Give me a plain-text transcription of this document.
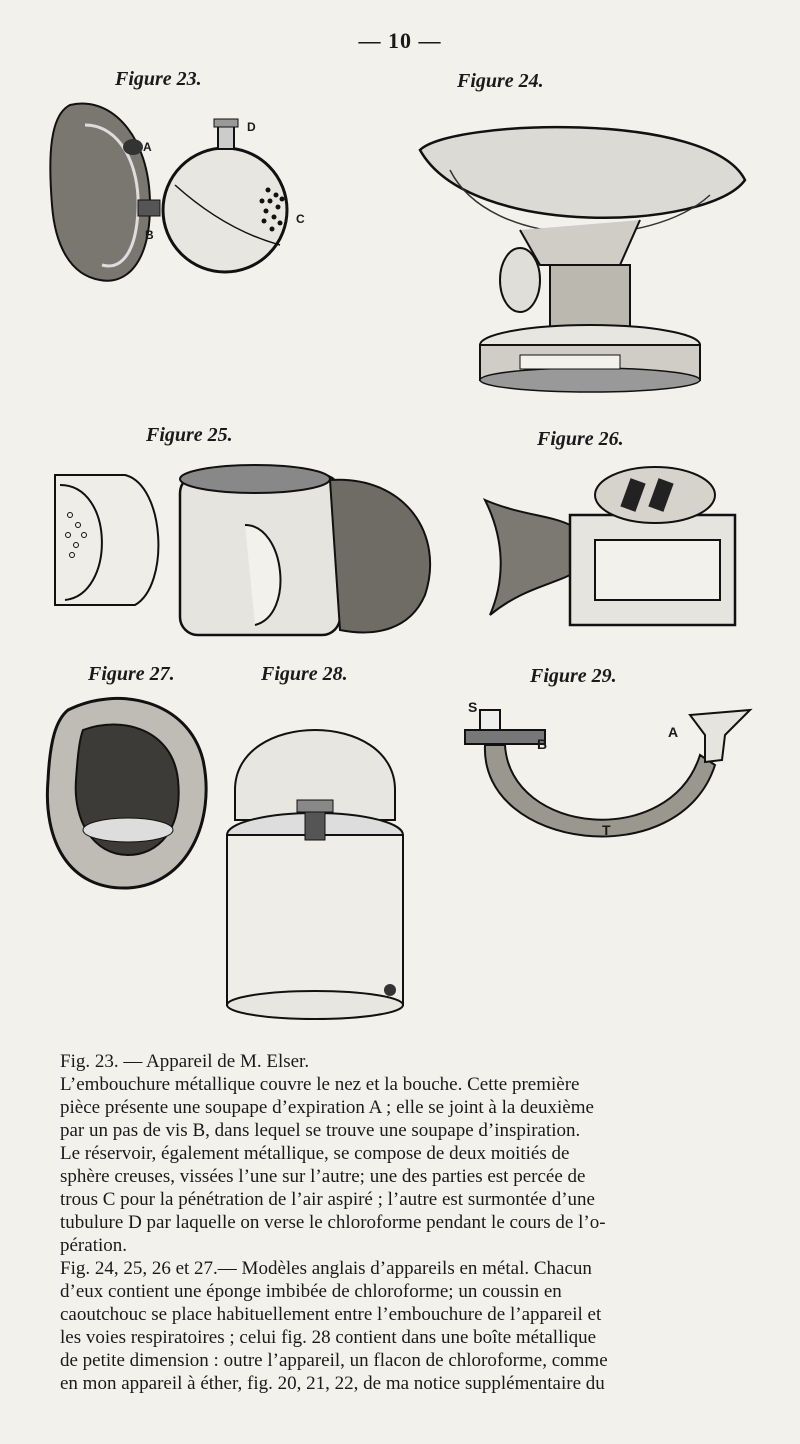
— 10 —
Figure 23.	Figure 24.
Figure 25.	Figure 26.
Figure 27.	Figure 28.	Figure 29.
A
B
C
D
S
B
A
T

Fig. 23. — Appareil de M. Elser.

L’embouchure métallique couvre le nez et la bouche. Cette première
pièce présente une soupape d’expiration A ; elle se joint à la deuxième
par un pas de vis B, dans lequel se trouve une soupape d’inspiration.

Le réservoir, également métallique, se compose de deux moitiés de
sphère creuses, vissées l’une sur l’autre; une des parties est percée de
trous C pour la pénétration de l’air aspiré ; l’autre est surmontée d’une
tubulure D par laquelle on verse le chloroforme pendant le cours de l’o-
pération.

Fig. 24, 25, 26 et 27.— Modèles anglais d’appareils en métal. Chacun
d’eux contient une éponge imbibée de chloroforme; un coussin en
caoutchouc se place habituellement entre l’embouchure de l’appareil et
les voies respiratoires ; celui fig. 28 contient dans une boîte métallique
de petite dimension : outre l’appareil, un flacon de chloroforme, comme
en mon appareil à éther, fig. 20, 21, 22, de ma notice supplémentaire du
